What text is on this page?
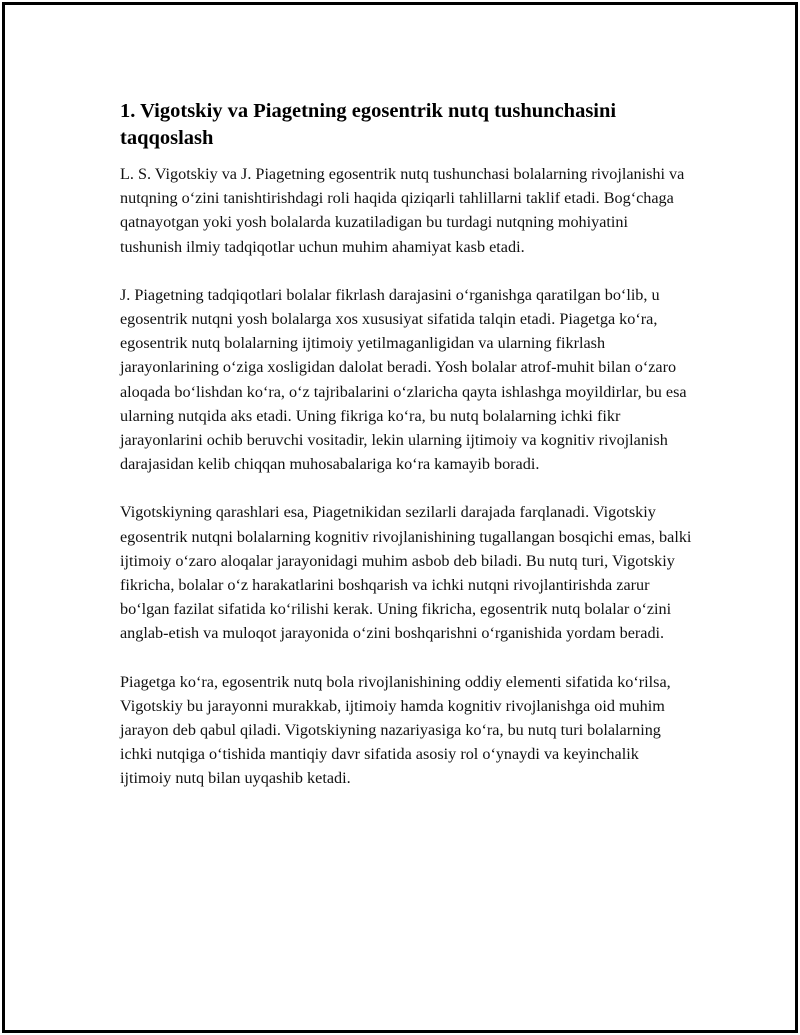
1. Vigotskiy va Piagetning egosentrik nutq tushunchasini taqqoslash

L. S. Vigotskiy va J. Piagetning egosentrik nutq tushunchasi bolalarning rivojlanishi va nutqning oʻzini tanishtirishdagi roli haqida qiziqarli tahlillarni taklif etadi. Bogʻchaga qatnayotgan yoki yosh bolalarda kuzatiladigan bu turdagi nutqning mohiyatini tushunish ilmiy tadqiqotlar uchun muhim ahamiyat kasb etadi.

J. Piagetning tadqiqotlari bolalar fikrlash darajasini oʻrganishga qaratilgan boʻlib, u egosentrik nutqni yosh bolalarga xos xususiyat sifatida talqin etadi. Piagetga koʻra, egosentrik nutq bolalarning ijtimoiy yetilmaganligidan va ularning fikrlash jarayonlarining oʻziga xosligidan dalolat beradi. Yosh bolalar atrof-muhit bilan oʻzaro aloqada boʻlishdan koʻra, oʻz tajribalarini oʻzlaricha qayta ishlashga moyildirlar, bu esa ularning nutqida aks etadi. Uning fikriga koʻra, bu nutq bolalarning ichki fikr jarayonlarini ochib beruvchi vositadir, lekin ularning ijtimoiy va kognitiv rivojlanish darajasidan kelib chiqqan muhosabalariga koʻra kamayib boradi.

Vigotskiyning qarashlari esa, Piagetnikidan sezilarli darajada farqlanadi. Vigotskiy egosentrik nutqni bolalarning kognitiv rivojlanishining tugallangan bosqichi emas, balki ijtimoiy oʻzaro aloqalar jarayonidagi muhim asbob deb biladi. Bu nutq turi, Vigotskiy fikricha, bolalar oʻz harakatlarini boshqarish va ichki nutqni rivojlantirishda zarur boʻlgan fazilat sifatida koʻrilishi kerak. Uning fikricha, egosentrik nutq bolalar oʻzini anglab-etish va muloqot jarayonida oʻzini boshqarishni oʻrganishida yordam beradi.

Piagetga koʻra, egosentrik nutq bola rivojlanishining oddiy elementi sifatida koʻrilsa, Vigotskiy bu jarayonni murakkab, ijtimoiy hamda kognitiv rivojlanishga oid muhim jarayon deb qabul qiladi. Vigotskiyning nazariyasiga koʻra, bu nutq turi bolalarning ichki nutqiga oʻtishida mantiqiy davr sifatida asosiy rol oʻynaydi va keyinchalik ijtimoiy nutq bilan uyqashib ketadi.
